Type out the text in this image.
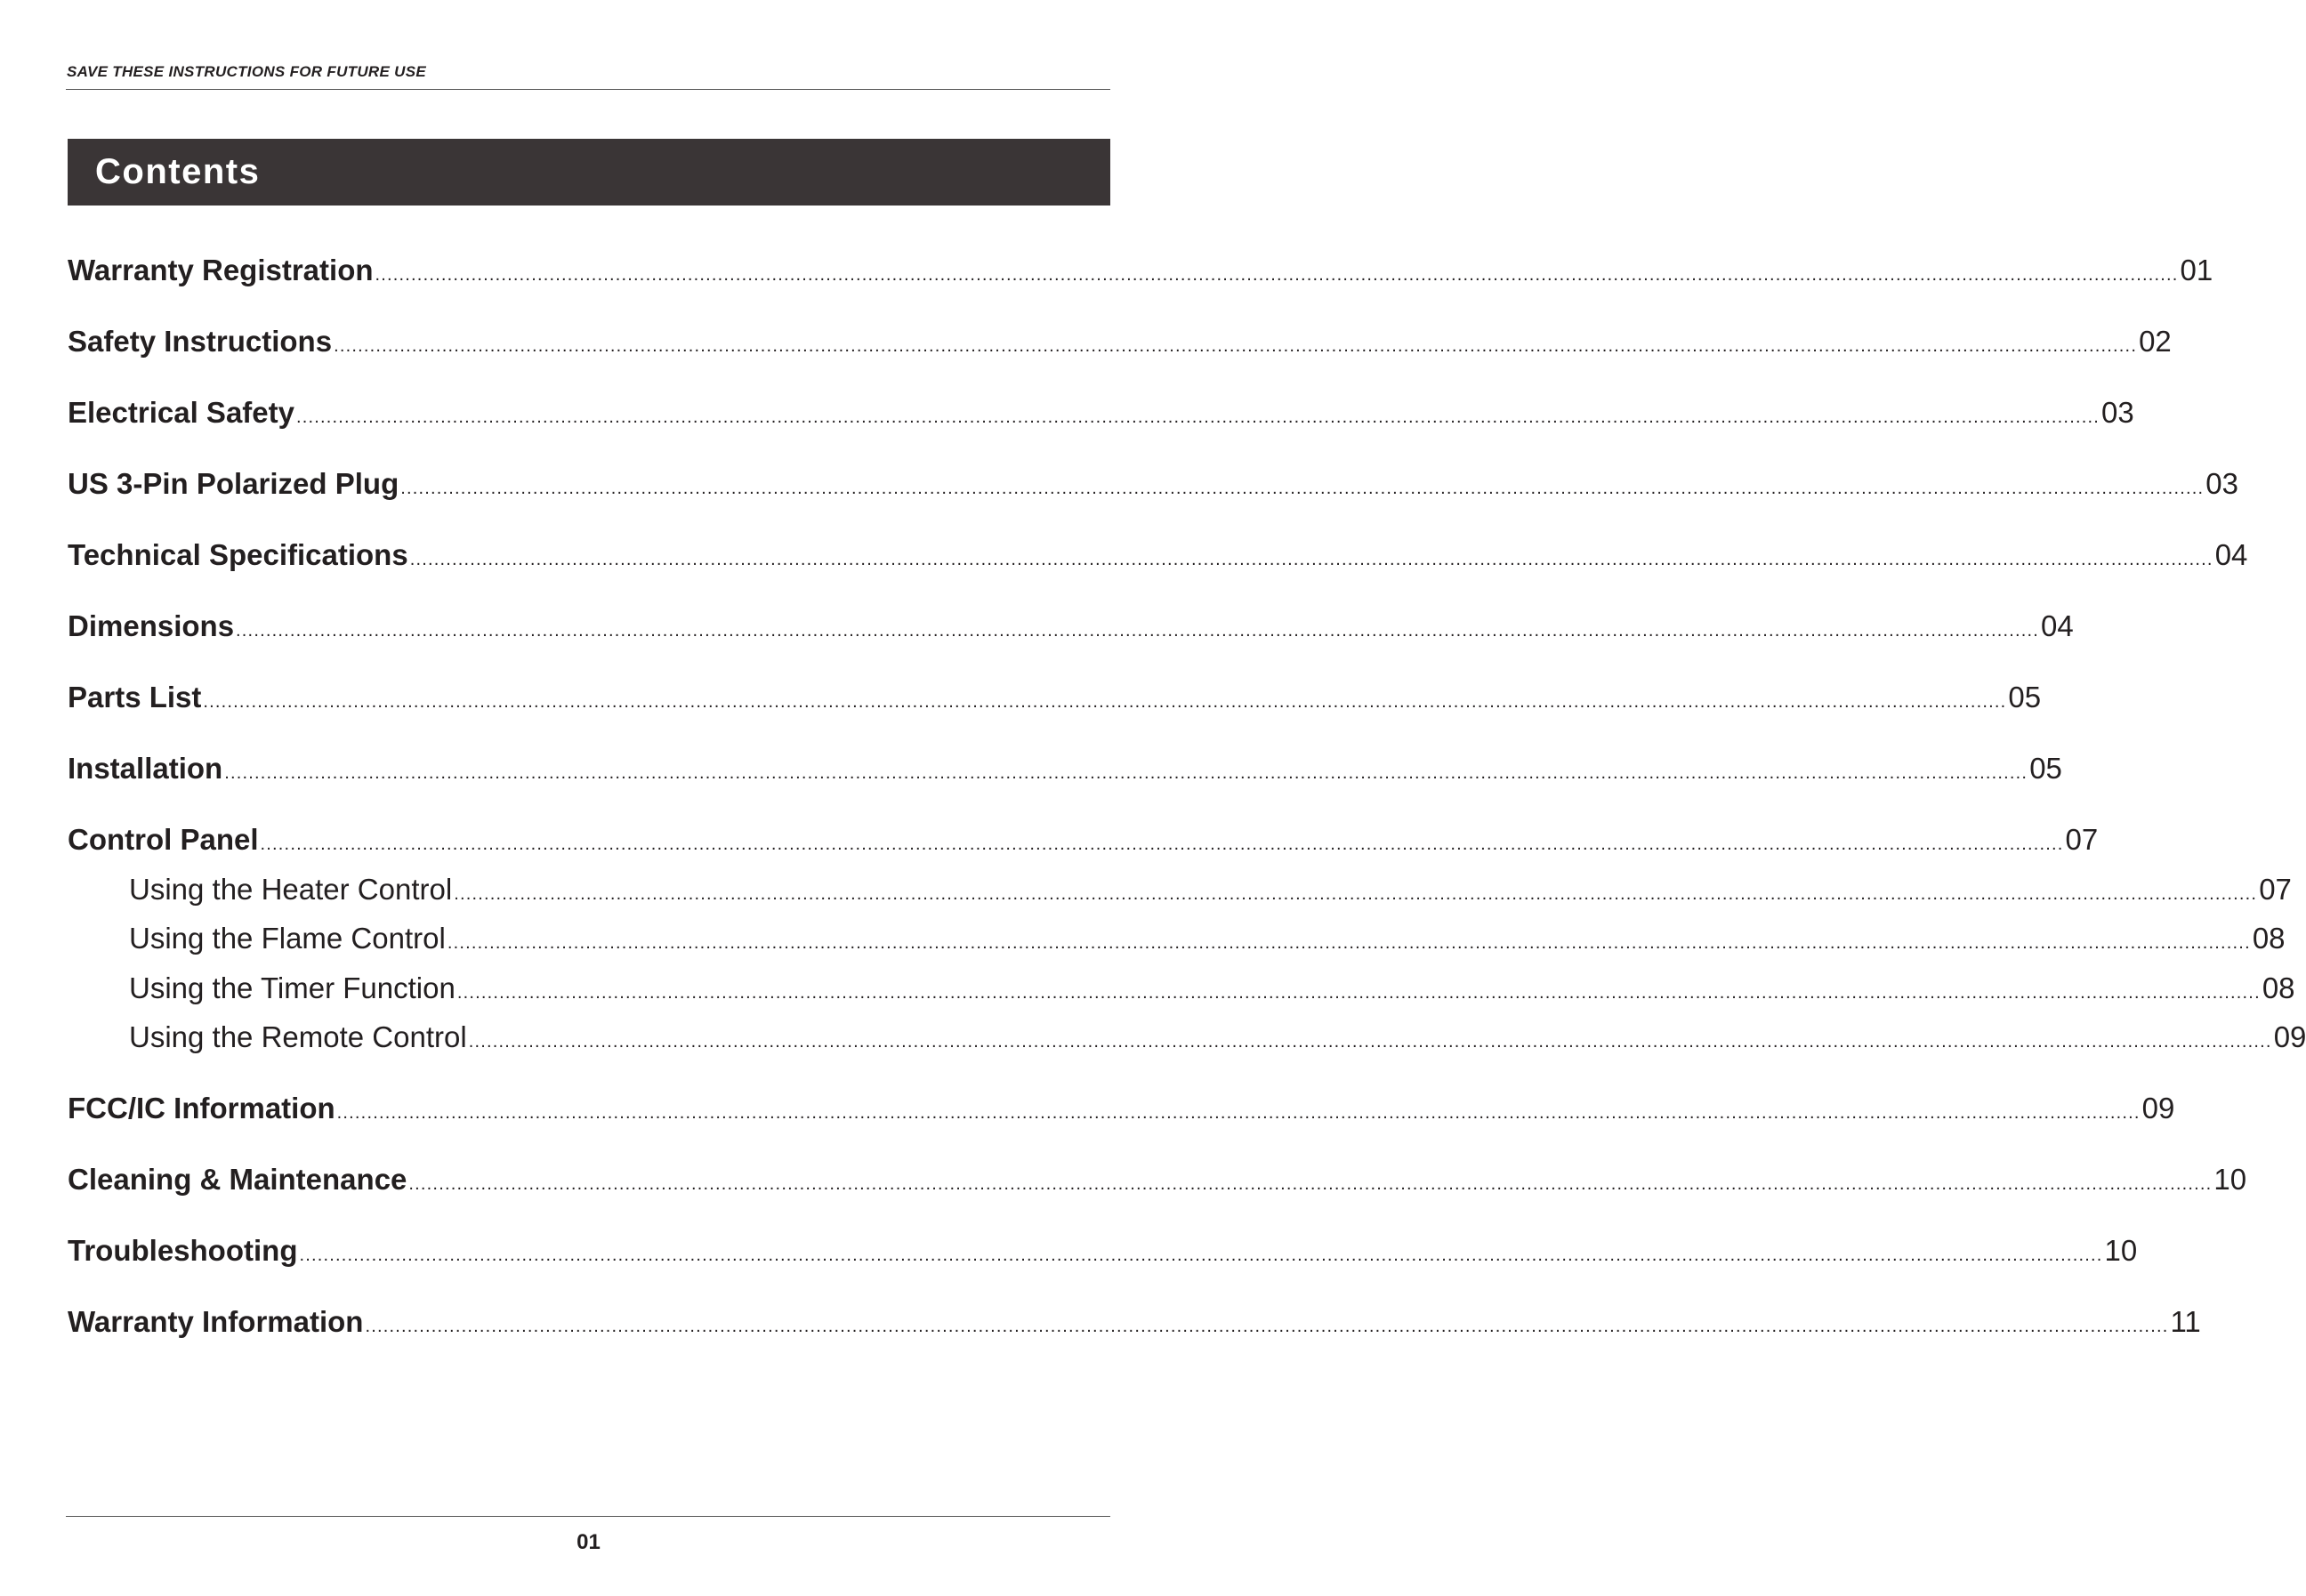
SAVE THESE INSTRUCTIONS FOR FUTURE USE
Contents
Warranty Registration ............................................................................................................................................................................................................................................................................................................ 01
Safety Instructions ............................................................................................................................................................................................................................................................................................................ 02
Electrical Safety ............................................................................................................................................................................................................................................................................................................ 03
US 3-Pin Polarized Plug ............................................................................................................................................................................................................................................................................................................ 03
Technical Specifications ............................................................................................................................................................................................................................................................................................................ 04
Dimensions ............................................................................................................................................................................................................................................................................................................ 04
Parts List ............................................................................................................................................................................................................................................................................................................ 05
Installation ............................................................................................................................................................................................................................................................................................................ 05
Control Panel ............................................................................................................................................................................................................................................................................................................ 07
Using the Heater Control ............................................................................................................................................................................................................................................................................................................ 07
Using the Flame Control ............................................................................................................................................................................................................................................................................................................ 08
Using the Timer Function ............................................................................................................................................................................................................................................................................................................ 08
Using the Remote Control ............................................................................................................................................................................................................................................................................................................ 09
FCC/IC Information ............................................................................................................................................................................................................................................................................................................ 09
Cleaning & Maintenance ............................................................................................................................................................................................................................................................................................................ 10
Troubleshooting ............................................................................................................................................................................................................................................................................................................ 10
Warranty Information ............................................................................................................................................................................................................................................................................................................ 11
01
